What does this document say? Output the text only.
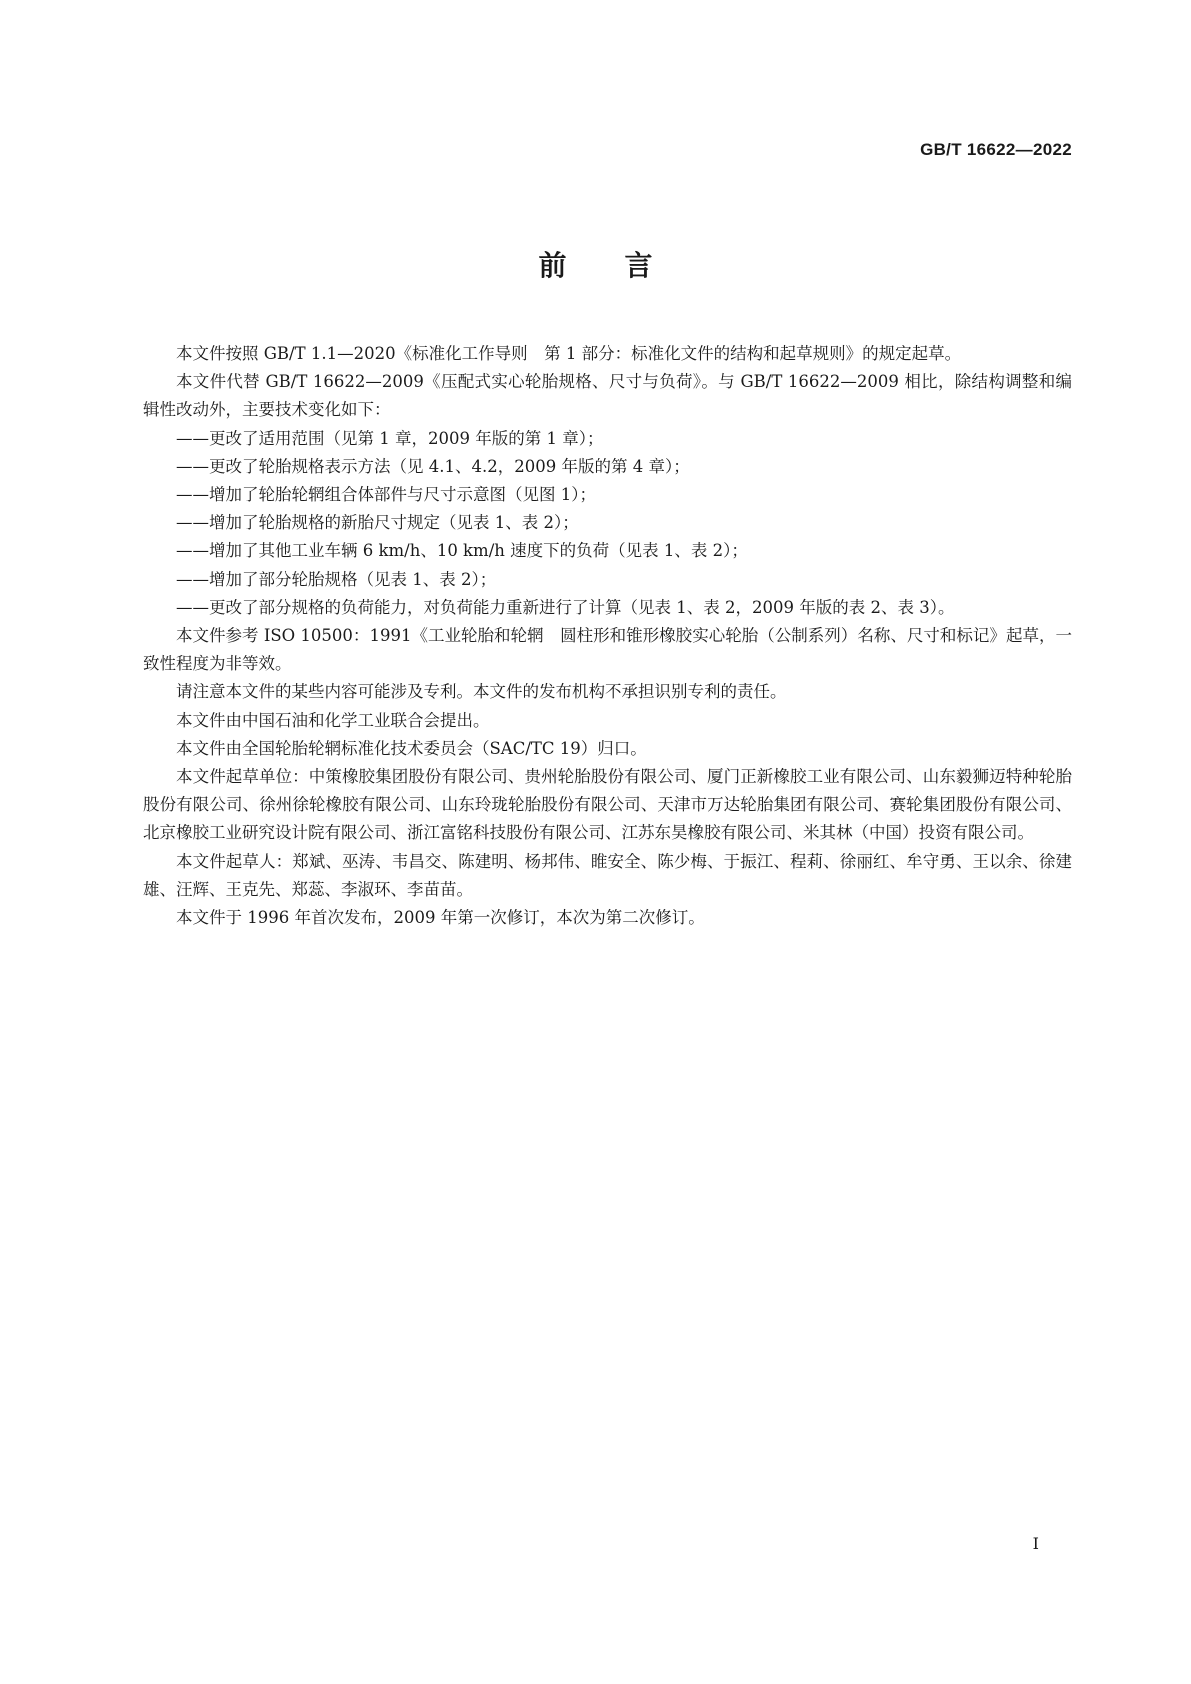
GB/T 16622—2022
前言

本文件按照 GB/T 1.1—2020《标准化工作导则　第 1 部分：标准化文件的结构和起草规则》的规定起草。

本文件代替 GB/T 16622—2009《压配式实心轮胎规格、尺寸与负荷》。与 GB/T 16622—2009 相比，除结构调整和编辑性改动外，主要技术变化如下：

——更改了适用范围（见第 1 章，2009 年版的第 1 章）；

——更改了轮胎规格表示方法（见 4.1、4.2，2009 年版的第 4 章）；

——增加了轮胎轮辋组合体部件与尺寸示意图（见图 1）；

——增加了轮胎规格的新胎尺寸规定（见表 1、表 2）；

——增加了其他工业车辆 6 km/h、10 km/h 速度下的负荷（见表 1、表 2）；

——增加了部分轮胎规格（见表 1、表 2）；

——更改了部分规格的负荷能力，对负荷能力重新进行了计算（见表 1、表 2，2009 年版的表 2、表 3）。

本文件参考 ISO 10500：1991《工业轮胎和轮辋　圆柱形和锥形橡胶实心轮胎（公制系列）名称、尺寸和标记》起草，一致性程度为非等效。

请注意本文件的某些内容可能涉及专利。本文件的发布机构不承担识别专利的责任。

本文件由中国石油和化学工业联合会提出。

本文件由全国轮胎轮辋标准化技术委员会（SAC/TC 19）归口。

本文件起草单位：中策橡胶集团股份有限公司、贵州轮胎股份有限公司、厦门正新橡胶工业有限公司、山东毅狮迈特种轮胎股份有限公司、徐州徐轮橡胶有限公司、山东玲珑轮胎股份有限公司、天津市万达轮胎集团有限公司、赛轮集团股份有限公司、北京橡胶工业研究设计院有限公司、浙江富铭科技股份有限公司、江苏东昊橡胶有限公司、米其林（中国）投资有限公司。

本文件起草人：郑斌、巫涛、韦昌交、陈建明、杨邦伟、睢安全、陈少梅、于振江、程莉、徐丽红、牟守勇、王以余、徐建雄、汪辉、王克先、郑蕊、李淑环、李苗苗。

本文件于 1996 年首次发布，2009 年第一次修订，本次为第二次修订。

I
